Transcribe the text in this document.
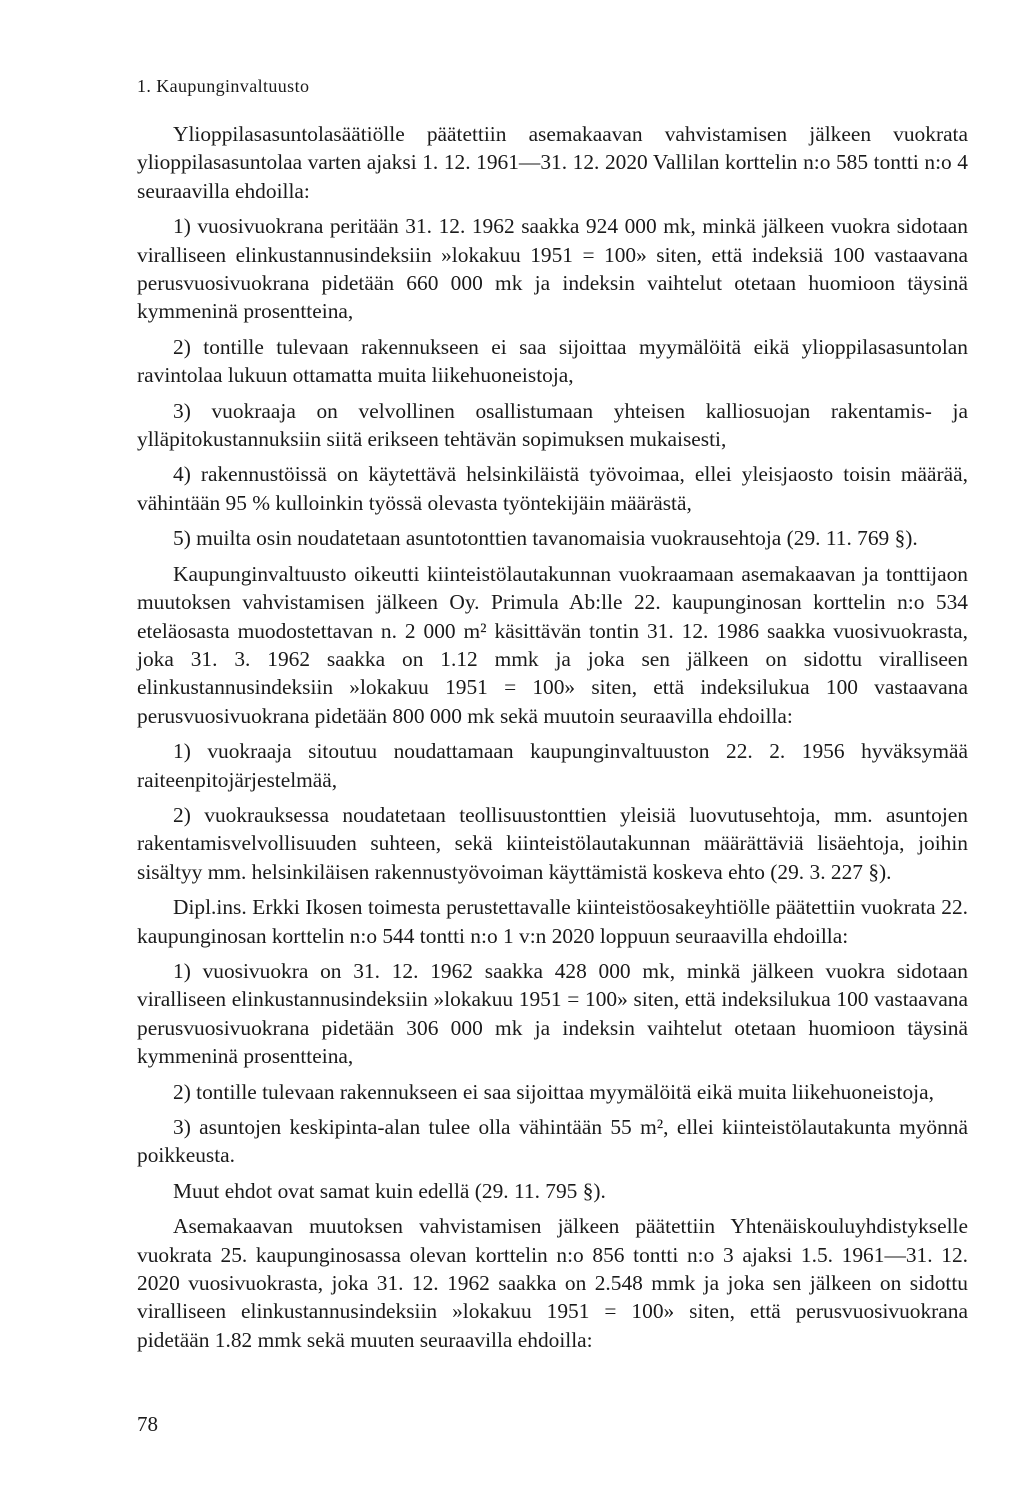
1. Kaupunginvaltuusto

Ylioppilasasuntolasäätiölle päätettiin asemakaavan vahvistamisen jälkeen vuokrata ylioppilasasuntolaa varten ajaksi 1. 12. 1961—31. 12. 2020 Vallilan korttelin n:o 585 tontti n:o 4 seuraavilla ehdoilla:

1) vuosivuokrana peritään 31. 12. 1962 saakka 924 000 mk, minkä jälkeen vuokra sidotaan viralliseen elinkustannusindeksiin »lokakuu 1951 = 100» siten, että indeksiä 100 vastaavana perusvuosivuokrana pidetään 660 000 mk ja indeksin vaihtelut otetaan huomioon täysinä kymmeninä prosentteina,

2) tontille tulevaan rakennukseen ei saa sijoittaa myymälöitä eikä ylioppilasasuntolan ravintolaa lukuun ottamatta muita liikehuoneistoja,

3) vuokraaja on velvollinen osallistumaan yhteisen kalliosuojan rakentamis- ja ylläpitokustannuksiin siitä erikseen tehtävän sopimuksen mukaisesti,

4) rakennustöissä on käytettävä helsinkiläistä työvoimaa, ellei yleisjaosto toisin määrää, vähintään 95 % kulloinkin työssä olevasta työntekijäin määrästä,

5) muilta osin noudatetaan asuntotonttien tavanomaisia vuokrausehtoja (29. 11. 769 §).

Kaupunginvaltuusto oikeutti kiinteistölautakunnan vuokraamaan asemakaavan ja tonttijaon muutoksen vahvistamisen jälkeen Oy. Primula Ab:lle 22. kaupunginosan korttelin n:o 534 eteläosasta muodostettavan n. 2 000 m² käsittävän tontin 31. 12. 1986 saakka vuosivuokrasta, joka 31. 3. 1962 saakka on 1.12 mmk ja joka sen jälkeen on sidottu viralliseen elinkustannusindeksiin »lokakuu 1951 = 100» siten, että indeksilukua 100 vastaavana perusvuosivuokrana pidetään 800 000 mk sekä muutoin seuraavilla ehdoilla:

1) vuokraaja sitoutuu noudattamaan kaupunginvaltuuston 22. 2. 1956 hyväksymää raiteenpitojärjestelmää,

2) vuokrauksessa noudatetaan teollisuustonttien yleisiä luovutusehtoja, mm. asuntojen rakentamisvelvollisuuden suhteen, sekä kiinteistölautakunnan määrättäviä lisäehtoja, joihin sisältyy mm. helsinkiläisen rakennustyövoiman käyttämistä koskeva ehto (29. 3. 227 §).

Dipl.ins. Erkki Ikosen toimesta perustettavalle kiinteistöosakeyhtiölle päätettiin vuokrata 22. kaupunginosan korttelin n:o 544 tontti n:o 1 v:n 2020 loppuun seuraavilla ehdoilla:

1) vuosivuokra on 31. 12. 1962 saakka 428 000 mk, minkä jälkeen vuokra sidotaan viralliseen elinkustannusindeksiin »lokakuu 1951 = 100» siten, että indeksilukua 100 vastaavana perusvuosivuokrana pidetään 306 000 mk ja indeksin vaihtelut otetaan huomioon täysinä kymmeninä prosentteina,

2) tontille tulevaan rakennukseen ei saa sijoittaa myymälöitä eikä muita liikehuoneistoja,

3) asuntojen keskipinta-alan tulee olla vähintään 55 m², ellei kiinteistölautakunta myönnä poikkeusta.

Muut ehdot ovat samat kuin edellä (29. 11. 795 §).

Asemakaavan muutoksen vahvistamisen jälkeen päätettiin Yhtenäiskouluyhdistykselle vuokrata 25. kaupunginosassa olevan korttelin n:o 856 tontti n:o 3 ajaksi 1.5. 1961—31. 12. 2020 vuosivuokrasta, joka 31. 12. 1962 saakka on 2.548 mmk ja joka sen jälkeen on sidottu viralliseen elinkustannusindeksiin »lokakuu 1951 = 100» siten, että perusvuosivuokrana pidetään 1.82 mmk sekä muuten seuraavilla ehdoilla:

78
